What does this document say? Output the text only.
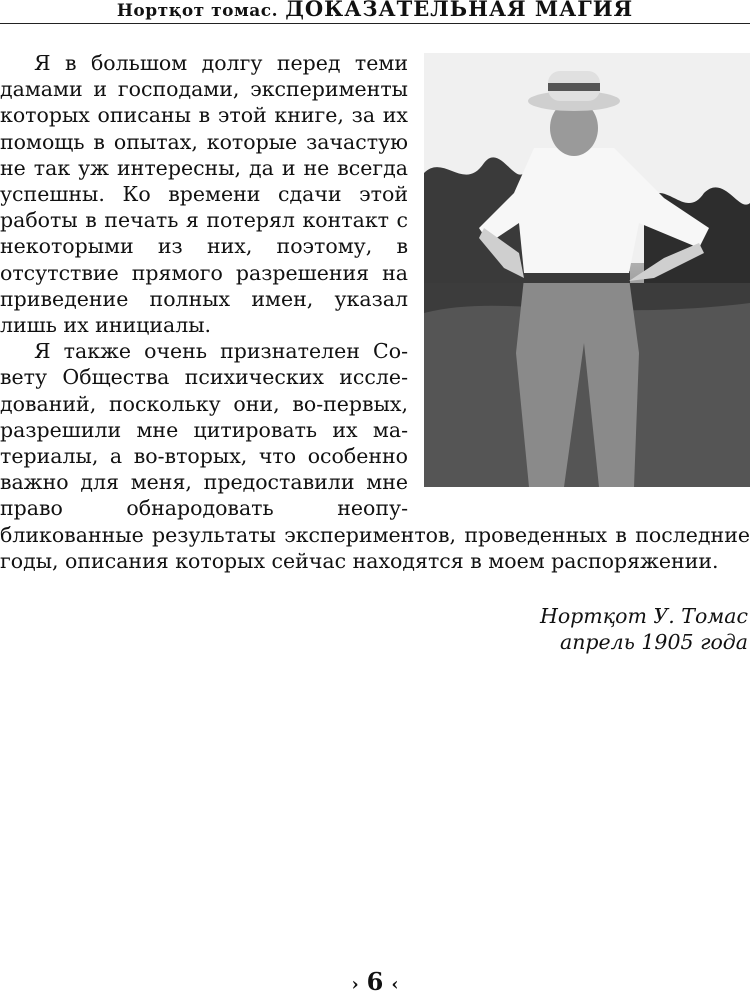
Нортқот томас. ДОКАЗАТЕЛЬНАЯ МАГИЯ

Я в большом долгу перед теми дамами и господами, эксперименты которых описаны в этой книге, за их помощь в опытах, которые зачастую не так уж интересны, да и не всегда успешны. Ко времени сдачи этой работы в печать я потерял контакт с некоторыми из них, поэтому, в отсутствие прямого разрешения на приведение полных имен, указал лишь их инициалы.

Я также очень признателен Совету Общества психических исследований, поскольку они, во-первых, разрешили мне цитировать их материалы, а во-вторых, что особенно важно для меня, предоставили мне право обнародовать неопубликованные результаты экспериментов, проведенных в последние годы, описания которых сейчас находятся в моем распоряжении.

Нортқот У. Томас
апрель 1905 года
› 6 ‹
